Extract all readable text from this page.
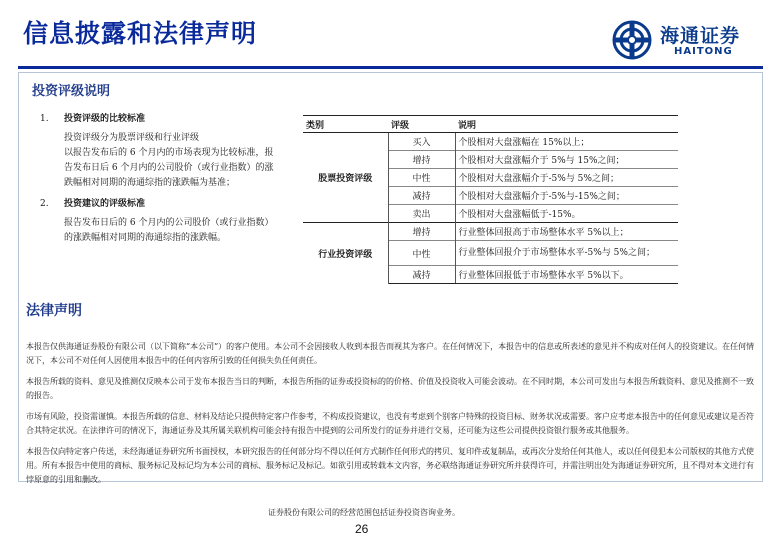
信息披露和法律声明	海通证券
HAITONG
投资评级说明
1. 投资评级的比较标准
投资评级分为股票评级和行业评级
以报告发布后的 6 个月内的市场表现为比较标准，报告发布日后 6 个月内的公司股价（或行业指数）的涨跌幅相对同期的海通综指的涨跌幅为基准；
2. 投资建议的评级标准
报告发布日后的 6 个月内的公司股价（或行业指数）的涨跌幅相对同期的海通综指的涨跌幅。
类别	评级	说明
股票投资评级	买入	个股相对大盘涨幅在 15%以上；
	增持	个股相对大盘涨幅介于 5%与 15%之间；
	中性	个股相对大盘涨幅介于-5%与 5%之间；
	减持	个股相对大盘涨幅介于-5%与-15%之间；
	卖出	个股相对大盘涨幅低于-15%。
行业投资评级	增持	行业整体回报高于市场整体水平 5%以上；
	中性	行业整体回报介于市场整体水平-5%与 5%之间；
	减持	行业整体回报低于市场整体水平 5%以下。
法律声明

本报告仅供海通证券股份有限公司（以下简称“本公司”）的客户使用。本公司不会因接收人收到本报告而视其为客户。在任何情况下，本报告中的信息或所表述的意见并不构成对任何人的投资建议。在任何情况下，本公司不对任何人因使用本报告中的任何内容所引致的任何损失负任何责任。

本报告所载的资料、意见及推测仅反映本公司于发布本报告当日的判断，本报告所指的证券或投资标的的价格、价值及投资收入可能会波动。在不同时期，本公司可发出与本报告所载资料、意见及推测不一致的报告。

市场有风险，投资需谨慎。本报告所载的信息、材料及结论只提供特定客户作参考，不构成投资建议，也没有考虑到个别客户特殊的投资目标、财务状况或需要。客户应考虑本报告中的任何意见或建议是否符合其特定状况。在法律许可的情况下，海通证券及其所属关联机构可能会持有报告中提到的公司所发行的证券并进行交易，还可能为这些公司提供投资银行服务或其他服务。

本报告仅向特定客户传送，未经海通证券研究所书面授权，本研究报告的任何部分均不得以任何方式制作任何形式的拷贝、复印件或复制品，或再次分发给任何其他人，或以任何侵犯本公司版权的其他方式使用。所有本报告中使用的商标、服务标记及标记均为本公司的商标、服务标记及标记。如欲引用或转载本文内容，务必联络海通证券研究所并获得许可，并需注明出处为海通证券研究所，且不得对本文进行有悖原意的引用和删改。

证券股份有限公司的经营范围包括证券投资咨询业务。
26
